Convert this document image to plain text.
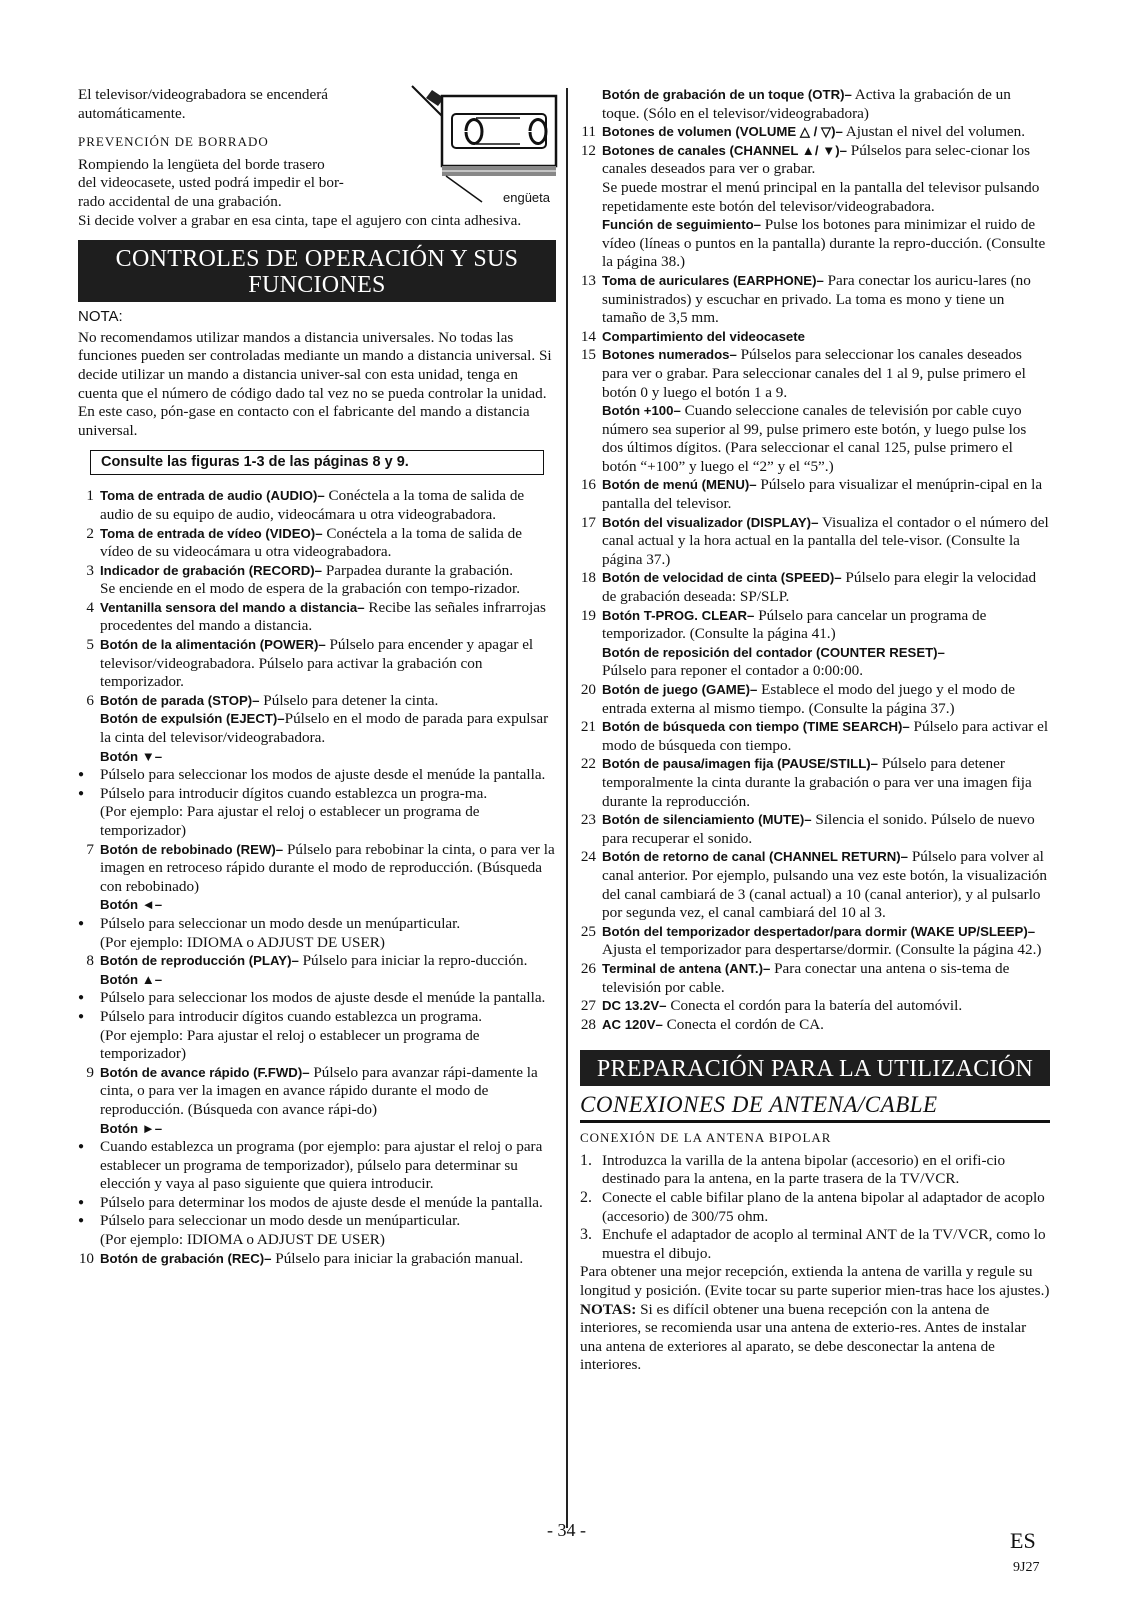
engüeta

El televisor/videograbadora se encenderá

automáticamente.

PREVENCIÓN DE BORRADO

Rompiendo la lengüeta del borde trasero

del videocasete, usted podrá impedir el bor-

rado accidental de una grabación.

Si decide volver a grabar en esa cinta, tape el agujero con cinta adhesiva.

CONTROLES DE OPERACIÓN Y SUS
FUNCIONES

NOTA:

No recomendamos utilizar mandos a distancia universales. No todas las funciones pueden ser controladas mediante un mando a distancia universal. Si decide utilizar un mando a distancia univer-sal con esta unidad, tenga en cuenta que el número de código dado tal vez no se pueda controlar la unidad. En este caso, pón-gase en contacto con el fabricante del mando a distancia universal.

Consulte las figuras 1-3 de las páginas 8 y 9.
1 Toma de entrada de audio (AUDIO)– Conéctela a la toma de salida de audio de su equipo de audio, videocámara u otra videograbadora.

2 Toma de entrada de vídeo (VIDEO)– Conéctela a la toma de salida de vídeo de su videocámara u otra videograbadora.

3 Indicador de grabación (RECORD)– Parpadea durante la grabación.

Se enciende en el modo de espera de la grabación con tempo-rizador.

4 Ventanilla sensora del mando a distancia– Recibe las señales infrarrojas procedentes del mando a distancia.

5 Botón de la alimentación (POWER)– Púlselo para encender y apagar el televisor/videograbadora. Púlselo para activar la grabación con temporizador.

6 Botón de parada (STOP)– Púlselo para detener la cinta.

Botón de expulsión (EJECT)–Púlselo en el modo de parada para expulsar la cinta del televisor/videograbadora.

Botón ▼–

● Púlselo para seleccionar los modos de ajuste desde el menúde la pantalla.

● Púlselo para introducir dígitos cuando establezca un progra-ma.

(Por ejemplo: Para ajustar el reloj o establecer un programa de temporizador)

7 Botón de rebobinado (REW)– Púlselo para rebobinar la cinta, o para ver la imagen en retroceso rápido durante el modo de reproducción. (Búsqueda con rebobinado)

Botón ◄–

● Púlselo para seleccionar un modo desde un menúparticular.

(Por ejemplo: IDIOMA o ADJUST DE USER)

8 Botón de reproducción (PLAY)– Púlselo para iniciar la repro-ducción.

Botón ▲–

● Púlselo para seleccionar los modos de ajuste desde el menúde la pantalla.

● Púlselo para introducir dígitos cuando establezca un programa.

(Por ejemplo: Para ajustar el reloj o establecer un programa de temporizador)

9 Botón de avance rápido (F.FWD)– Púlselo para avanzar rápi-damente la cinta, o para ver la imagen en avance rápido durante el modo de reproducción. (Búsqueda con avance rápi-do)

Botón ►–

● Cuando establezca un programa (por ejemplo: para ajustar el reloj o para establecer un programa de temporizador), púlselo para determinar su elección y vaya al paso siguiente que quiera introducir.

● Púlselo para determinar los modos de ajuste desde el menúde la pantalla.

● Púlselo para seleccionar un modo desde un menúparticular.

(Por ejemplo: IDIOMA o ADJUST DE USER)

10 Botón de grabación (REC)– Púlselo para iniciar la grabación manual.

Botón de grabación de un toque (OTR)– Activa la grabación de un toque. (Sólo en el televisor/videograbadora)

11 Botones de volumen (VOLUME △ / ▽)– Ajustan el nivel del volumen.

12 Botones de canales (CHANNEL ▲/ ▼)– Púlselos para selec-cionar los canales deseados para ver o grabar.

Se puede mostrar el menú principal en la pantalla del televisor pulsando repetidamente este botón del televisor/videograbadora.

Función de seguimiento– Pulse los botones para minimizar el ruido de vídeo (líneas o puntos en la pantalla) durante la repro-ducción. (Consulte la página 38.)

13 Toma de auriculares (EARPHONE)– Para conectar los auricu-lares (no suministrados) y escuchar en privado. La toma es mono y tiene un tamaño de 3,5 mm.

14 Compartimiento del videocasete

15 Botones numerados– Púlselos para seleccionar los canales deseados para ver o grabar. Para seleccionar canales del 1 al 9, pulse primero el botón 0 y luego el botón 1 a 9.

Botón +100– Cuando seleccione canales de televisión por cable cuyo número sea superior al 99, pulse primero este botón, y luego pulse los dos últimos dígitos. (Para seleccionar el canal 125, pulse primero el botón “+100” y luego el “2” y el “5”.)

16 Botón de menú (MENU)– Púlselo para visualizar el menúprin-cipal en la pantalla del televisor.

17 Botón del visualizador (DISPLAY)– Visualiza el contador o el número del canal actual y la hora actual en la pantalla del tele-visor. (Consulte la página 37.)

18 Botón de velocidad de cinta (SPEED)– Púlselo para elegir la velocidad de grabación deseada: SP/SLP.

19 Botón T-PROG. CLEAR– Púlselo para cancelar un programa de temporizador. (Consulte la página 41.)

Botón de reposición del contador (COUNTER RESET)–

Púlselo para reponer el contador a 0:00:00.

20 Botón de juego (GAME)– Establece el modo del juego y el modo de entrada externa al mismo tiempo. (Consulte la página 37.)

21 Botón de búsqueda con tiempo (TIME SEARCH)– Púlselo para activar el modo de búsqueda con tiempo.

22 Botón de pausa/imagen fija (PAUSE/STILL)– Púlselo para detener temporalmente la cinta durante la grabación o para ver una imagen fija durante la reproducción.

23 Botón de silenciamiento (MUTE)– Silencia el sonido. Púlselo de nuevo para recuperar el sonido.

24 Botón de retorno de canal (CHANNEL RETURN)– Púlselo para volver al canal anterior. Por ejemplo, pulsando una vez este botón, la visualización del canal cambiará de 3 (canal actual) a 10 (canal anterior), y al pulsarlo por segunda vez, el canal cambiará del 10 al 3.

25 Botón del temporizador despertador/para dormir (WAKE UP/SLEEP)– Ajusta el temporizador para despertarse/dormir. (Consulte la página 42.)

26 Terminal de antena (ANT.)– Para conectar una antena o sis-tema de televisión por cable.

27 DC 13.2V– Conecta el cordón para la batería del automóvil.

28 AC 120V– Conecta el cordón de CA.

PREPARACIÓN PARA LA UTILIZACIÓN
CONEXIONES DE ANTENA/CABLE

CONEXIÓN DE LA ANTENA BIPOLAR

1. Introduzca la varilla de la antena bipolar (accesorio) en el orifi-cio destinado para la antena, en la parte trasera de la TV/VCR.

2. Conecte el cable bifilar plano de la antena bipolar al adaptador de acoplo (accesorio) de 300/75 ohm.

3. Enchufe el adaptador de acoplo al terminal ANT de la TV/VCR, como lo muestra el dibujo.

Para obtener una mejor recepción, extienda la antena de varilla y regule su longitud y posición. (Evite tocar su parte superior mien-tras hace los ajustes.)

NOTAS: Si es difícil obtener una buena recepción con la antena de interiores, se recomienda usar una antena de exterio-res. Antes de instalar una antena de exteriores al aparato, se debe desconectar la antena de interiores.

- 34 -	ES
9J27
